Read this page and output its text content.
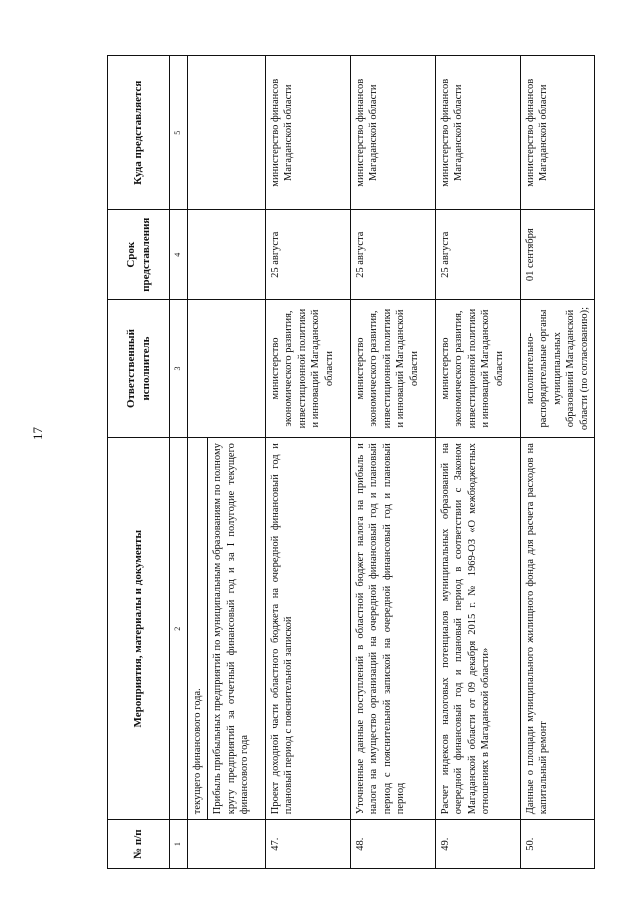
17
№ п/п	Мероприятия, материалы и документы	Ответственный исполнитель	Срок представления	Куда представляется
1	2	3	4	5
	текущего финансового года. Прибыль прибыльных предприятий по муниципальным образованиям по полному кругу предприятий за отчетный финансовый год и за I полугодие текущего финансового года			

47.	Проект доходной части областного бюджета на очередной финансовый год и плановый период с пояснительной запиской	министерство экономического развития, инвестиционной политики и инноваций Магаданской области	25 августа	министерство финансов Магаданской области
48.	Уточненные данные поступлений в областной бюджет налога на прибыль и налога на имущество организаций на очередной финансовый год и плановый период с пояснительной запиской на очередной финансовый год и плановый период	министерство экономического развития, инвестиционной политики и инноваций Магаданской области	25 августа	министерство финансов Магаданской области
49.	Расчет индексов налоговых потенциалов муниципальных образований на очередной финансовый год и плановый период в соответствии с Законом Магаданской области от 09 декабря 2015 г. № 1969-ОЗ «О межбюджетных отношениях в Магаданской области»	министерство экономического развития, инвестиционной политики и инноваций Магаданской области	25 августа	министерство финансов Магаданской области
50.	Данные о площади муниципального жилищного фонда для расчета расходов на капитальный ремонт	исполнительно-распорядительные органы муниципальных образований Магаданской области (по согласованию);	01 сентября	министерство финансов Магаданской области
